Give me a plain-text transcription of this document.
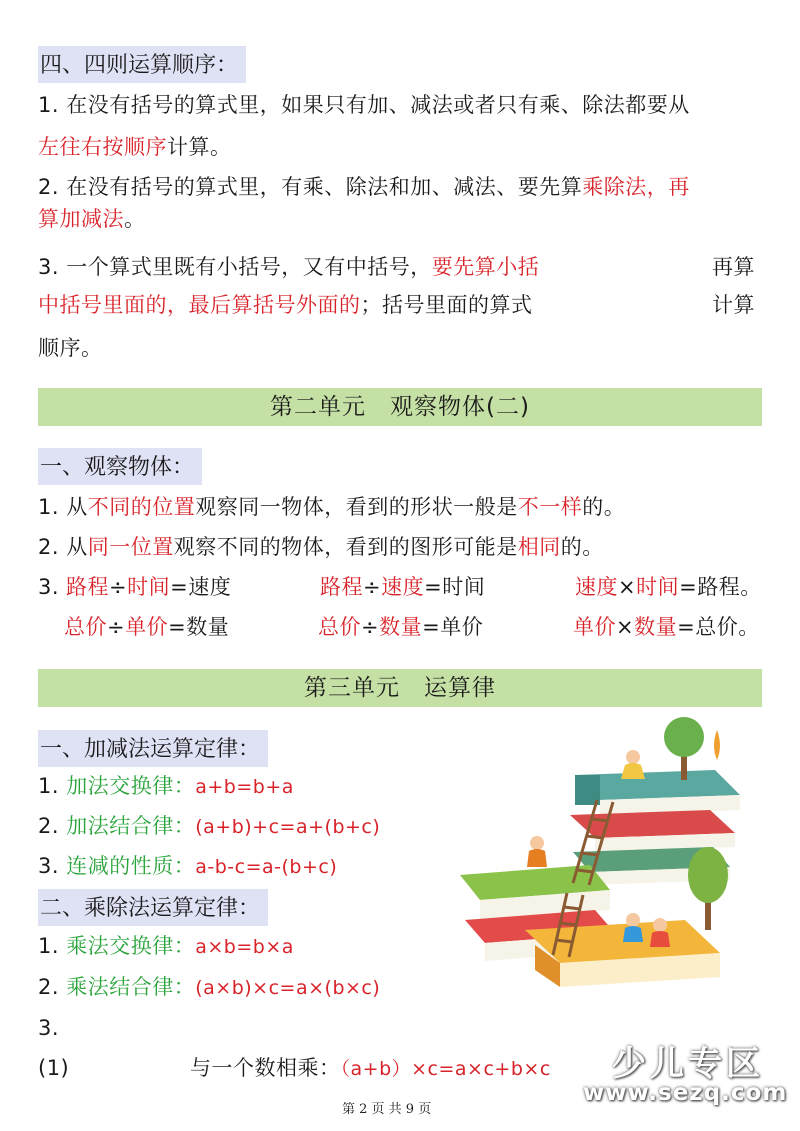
四、四则运算顺序：
1. 在没有括号的算式里，如果只有加、减法或者只有乘、除法都要从
左往右按顺序计算。
2. 在没有括号的算式里，有乘、除法和加、减法、要先算乘除法，再
算加减法。
3. 一个算式里既有小括号，又有中括号，要先算小括	再算
中括号里面的，最后算括号外面的；括号里面的算式	计算
顺序。
第二单元　观察物体(二)
一、观察物体：
1. 从不同的位置观察同一物体，看到的形状一般是不一样的。
2. 从同一位置观察不同的物体，看到的图形可能是相同的。
3. 路程÷时间=速度	路程÷速度=时间	速度×时间=路程。
总价÷单价=数量	总价÷数量=单价	单价×数量=总价。
第三单元　运算律
一、加减法运算定律：
1. 加法交换律：a+b=b+a
2. 加法结合律：(a+b)+c=a+(b+c)
3. 连减的性质：a-b-c=a-(b+c)
二、乘除法运算定律：
1. 乘法交换律：a×b=b×a
2. 乘法结合律：(a×b)×c=a×(b×c)
3.
(1)	与一个数相乘：（a+b）×c=a×c+b×c 少儿专区
www.sezq.com
第 2 页 共 9 页
